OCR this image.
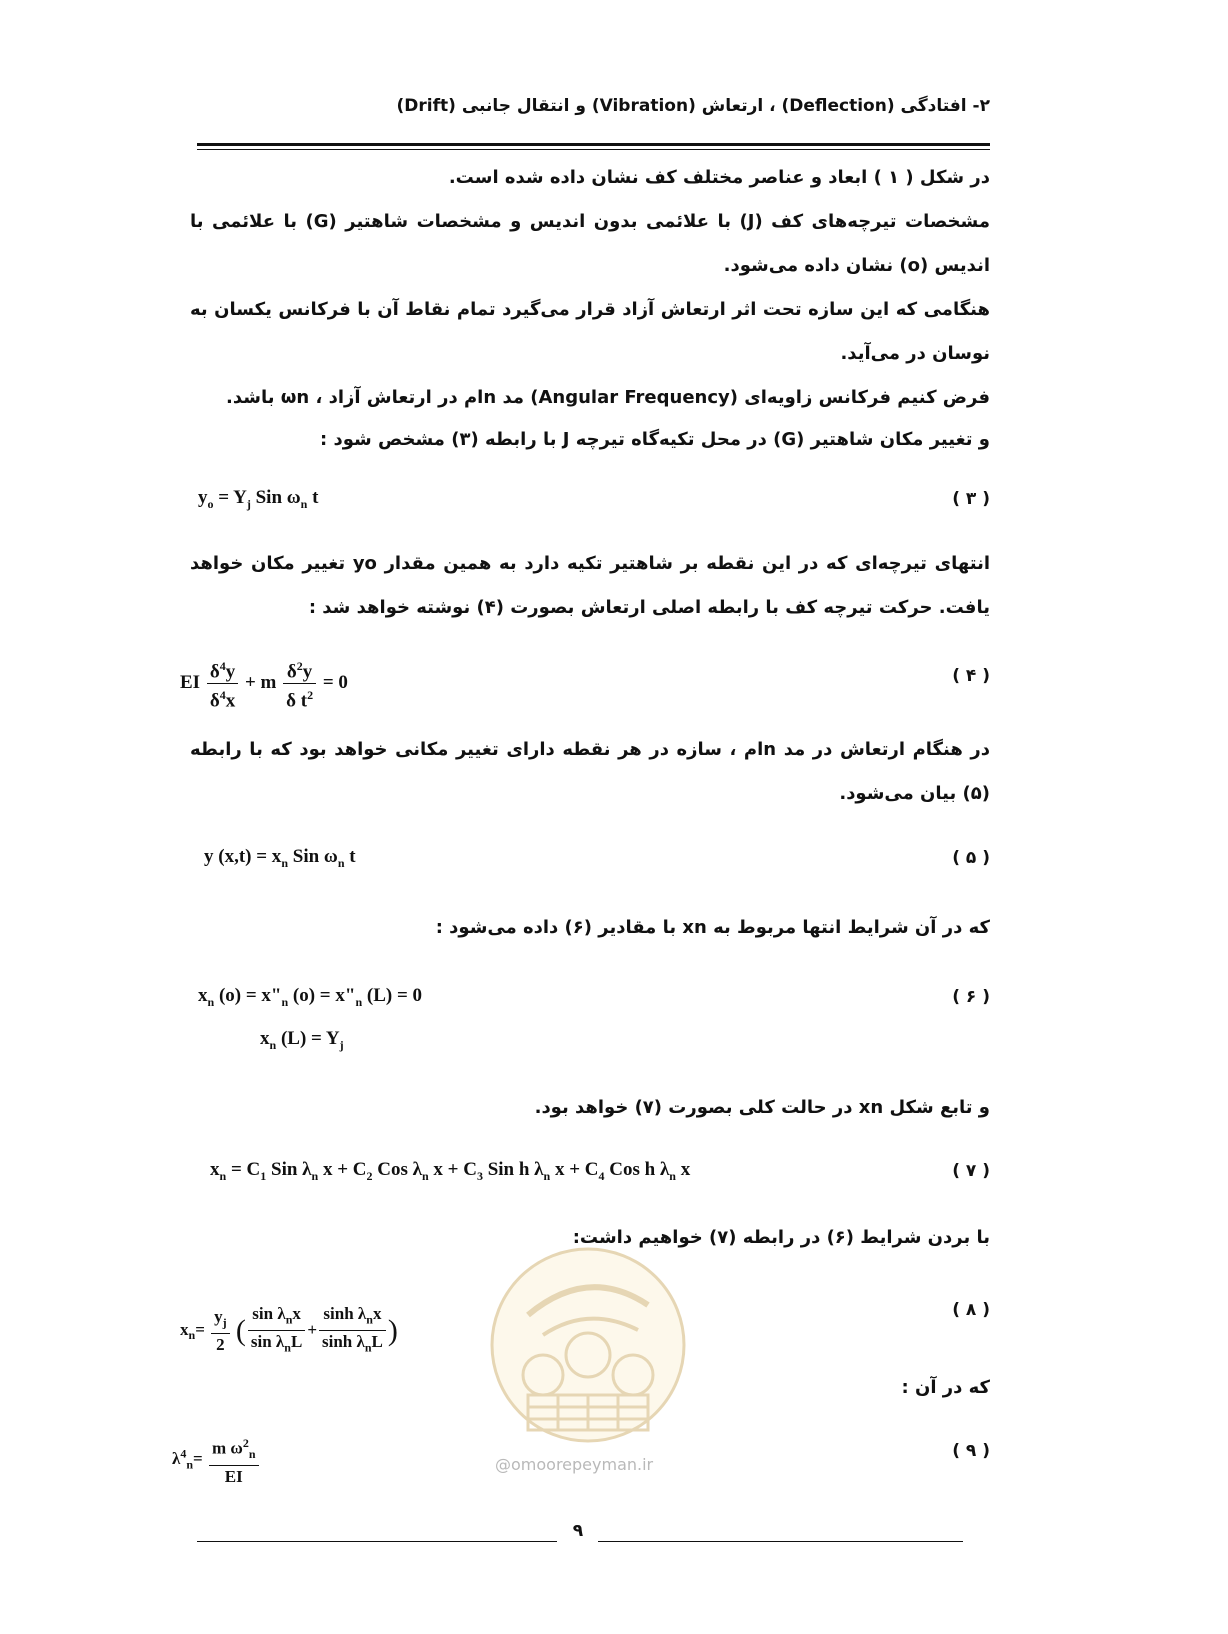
۲- افتادگی (Deflection) ، ارتعاش (Vibration) و انتقال جانبی (Drift)
در شکل ( ۱ ) ابعاد و عناصر مختلف کف نشان داده شده است.
مشخصات تیرچه‌های کف (J) با علائمی بدون اندیس و مشخصات شاهتیر (G) با علائمی با اندیس (o) نشان داده می‌شود.
هنگامی که این سازه تحت اثر ارتعاش آزاد قرار می‌گیرد تمام نقاط آن با فرکانس یکسان به نوسان در می‌آید.
فرض کنیم فرکانس زاویه‌ای (Angular Frequency) مد nام در ارتعاش آزاد ، ωn باشد.
و تغییر مکان شاهتیر (G) در محل تکیه‌گاه تیرچه J با رابطه (۳) مشخص شود :
$y_o = Y_j$ Sin $\omega_n$ t	( ۳ )
انتهای تیرچه‌ای که در این نقطه بر شاهتیر تکیه دارد به همین مقدار yo تغییر مکان خواهد یافت. حرکت تیرچه کف با رابطه اصلی ارتعاش بصورت (۴) نوشته خواهد شد :
EI $\frac{\delta^4y}{\delta^4x} + m \frac{\delta^2y}{\delta t^2} = 0$	( ۴ )
در هنگام ارتعاش در مد nام ، سازه در هر نقطه دارای تغییر مکانی خواهد بود که با رابطه (۵) بیان می‌شود.
y $(x,t) = x_n$ Sin $\omega_n$ t	( ۵ )
که در آن شرایط انتها مربوط به xn با مقادیر (۶) داده می‌شود :
$x_n$ $(o) = x"_n$ $(o) = x"_n$ (L) = 0
$x_n$ $(L) = Y_j$
( ۶ )
و تابع شکل xn در حالت کلی بصورت (۷) خواهد بود.
$x_n = C_1$ Sin $\lambda_n$ $x + C_2$ Cos $\lambda_n$ $x + C_3$ Sin h $\lambda_n$ $x + C_4$ Cos h $\lambda_n$ x	( ۷ )
با بردن شرایط (۶) در رابطه (۷) خواهیم داشت:
$x_n= \frac{y_j}{2}$ ( $\frac{\sin \lambda_nx}{\sin \lambda_nL} + \frac{\sinh \lambda_nx}{\sinh \lambda_nL}$ )
( ۸ )
که در آن :
$\lambda^4_n= \frac{m \omega^2_n}{EI}$	( ۹ )
@omoorepeyman.ir
۹
